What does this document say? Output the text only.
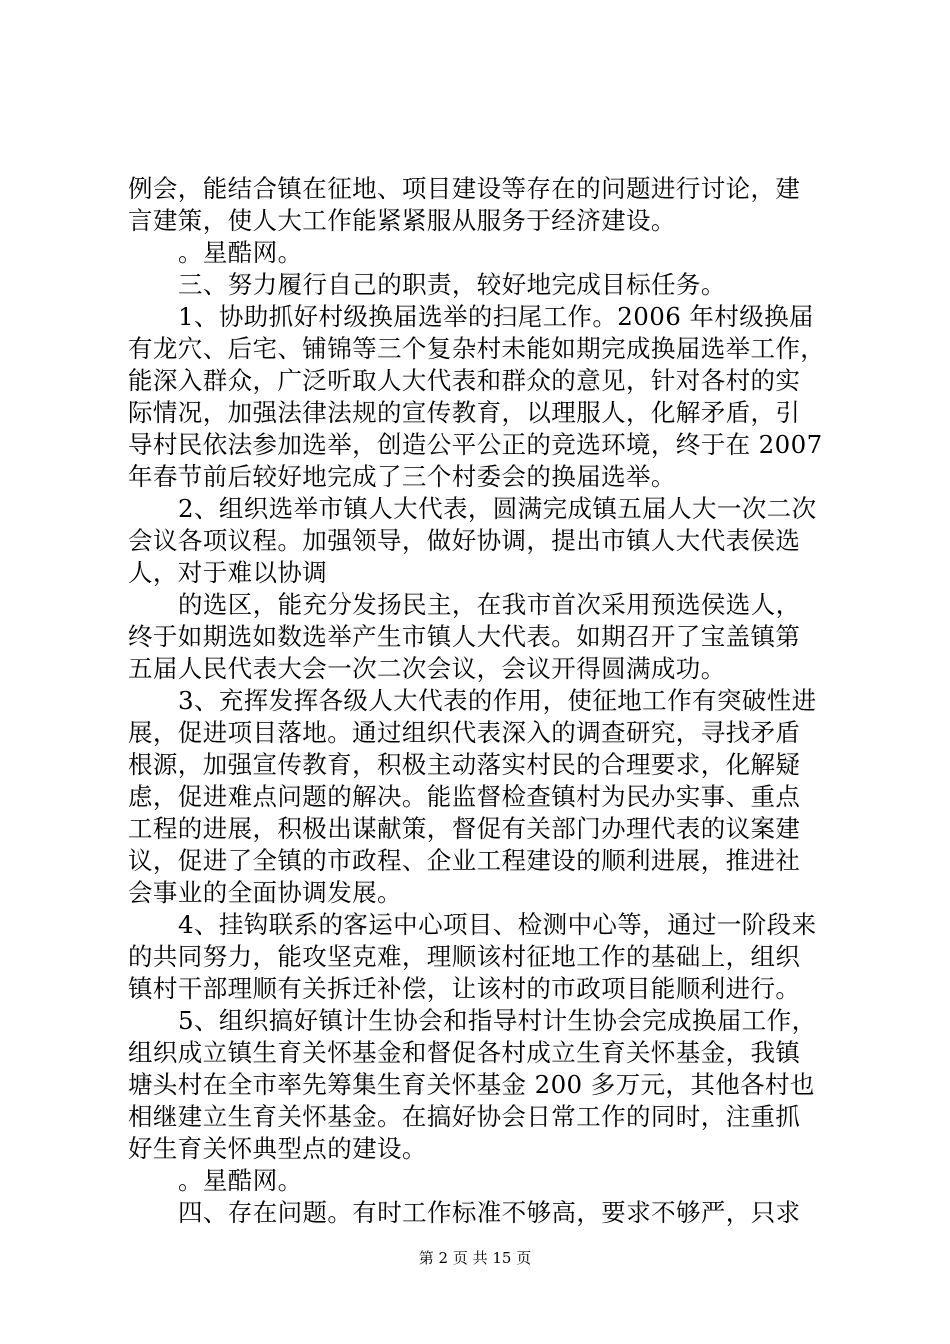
例会，能结合镇在征地、项目建设等存在的问题进行讨论，建
言建策，使人大工作能紧紧服从服务于经济建设。
。星酷网。
三、努力履行自己的职责，较好地完成目标任务。
1、协助抓好村级换届选举的扫尾工作。2006 年村级换届
有龙穴、后宅、铺锦等三个复杂村未能如期完成换届选举工作，
能深入群众，广泛听取人大代表和群众的意见，针对各村的实
际情况，加强法律法规的宣传教育，以理服人，化解矛盾，引
导村民依法参加选举，创造公平公正的竞选环境，终于在 2007
年春节前后较好地完成了三个村委会的换届选举。
2、组织选举市镇人大代表，圆满完成镇五届人大一次二次
会议各项议程。加强领导，做好协调，提出市镇人大代表侯选
人，对于难以协调
的选区，能充分发扬民主，在我市首次采用预选侯选人，
终于如期选如数选举产生市镇人大代表。如期召开了宝盖镇第
五届人民代表大会一次二次会议，会议开得圆满成功。
3、充挥发挥各级人大代表的作用，使征地工作有突破性进
展，促进项目落地。通过组织代表深入的调查研究，寻找矛盾
根源，加强宣传教育，积极主动落实村民的合理要求，化解疑
虑，促进难点问题的解决。能监督检查镇村为民办实事、重点
工程的进展，积极出谋献策，督促有关部门办理代表的议案建
议，促进了全镇的市政程、企业工程建设的顺利进展，推进社
会事业的全面协调发展。
4、挂钩联系的客运中心项目、检测中心等，通过一阶段来
的共同努力，能攻坚克难，理顺该村征地工作的基础上，组织
镇村干部理顺有关拆迁补偿，让该村的市政项目能顺利进行。
5、组织搞好镇计生协会和指导村计生协会完成换届工作，
组织成立镇生育关怀基金和督促各村成立生育关怀基金，我镇
塘头村在全市率先筹集生育关怀基金 200 多万元，其他各村也
相继建立生育关怀基金。在搞好协会日常工作的同时，注重抓
好生育关怀典型点的建设。
。星酷网。
四、存在问题。有时工作标准不够高，要求不够严，只求
第 2 页 共 15 页
